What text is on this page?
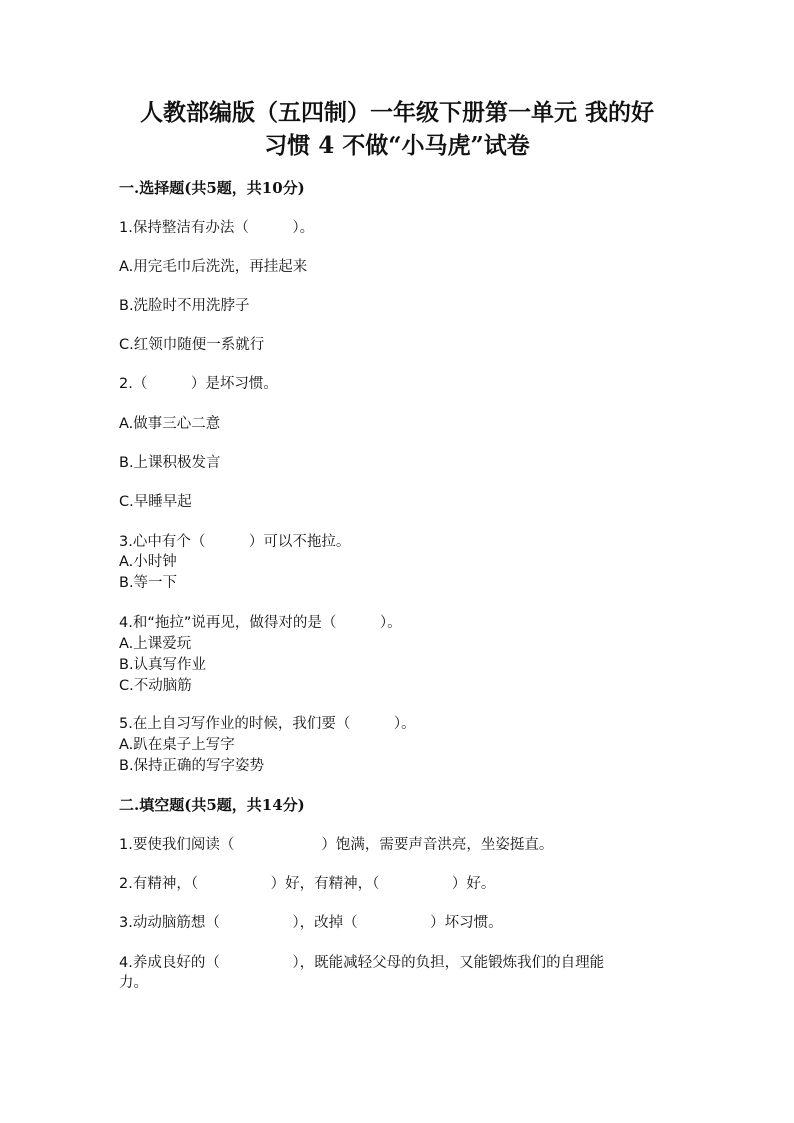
人教部编版（五四制）一年级下册第一单元 我的好
习惯 4 不做“小马虎”试卷
一.选择题(共5题，共10分)
1.保持整洁有办法（　　　）。
A.用完毛巾后洗洗，再挂起来
B.洗脸时不用洗脖子
C.红领巾随便一系就行
2.（　　　）是坏习惯。
A.做事三心二意
B.上课积极发言
C.早睡早起
3.心中有个（　　　）可以不拖拉。
A.小时钟
B.等一下
4.和“拖拉”说再见，做得对的是（　　　）。
A.上课爱玩
B.认真写作业
C.不动脑筋
5.在上自习写作业的时候，我们要（　　　）。
A.趴在桌子上写字
B.保持正确的写字姿势
二.填空题(共5题，共14分)
1.要使我们阅读（　　　　　　）饱满，需要声音洪亮，坐姿挺直。
2.有精神，（　　　　　）好，有精神，（　　　　　）好。
3.动动脑筋想（　　　　　），改掉（　　　　　）坏习惯。
4.养成良好的（　　　　　），既能减轻父母的负担，又能锻炼我们的自理能
力。
